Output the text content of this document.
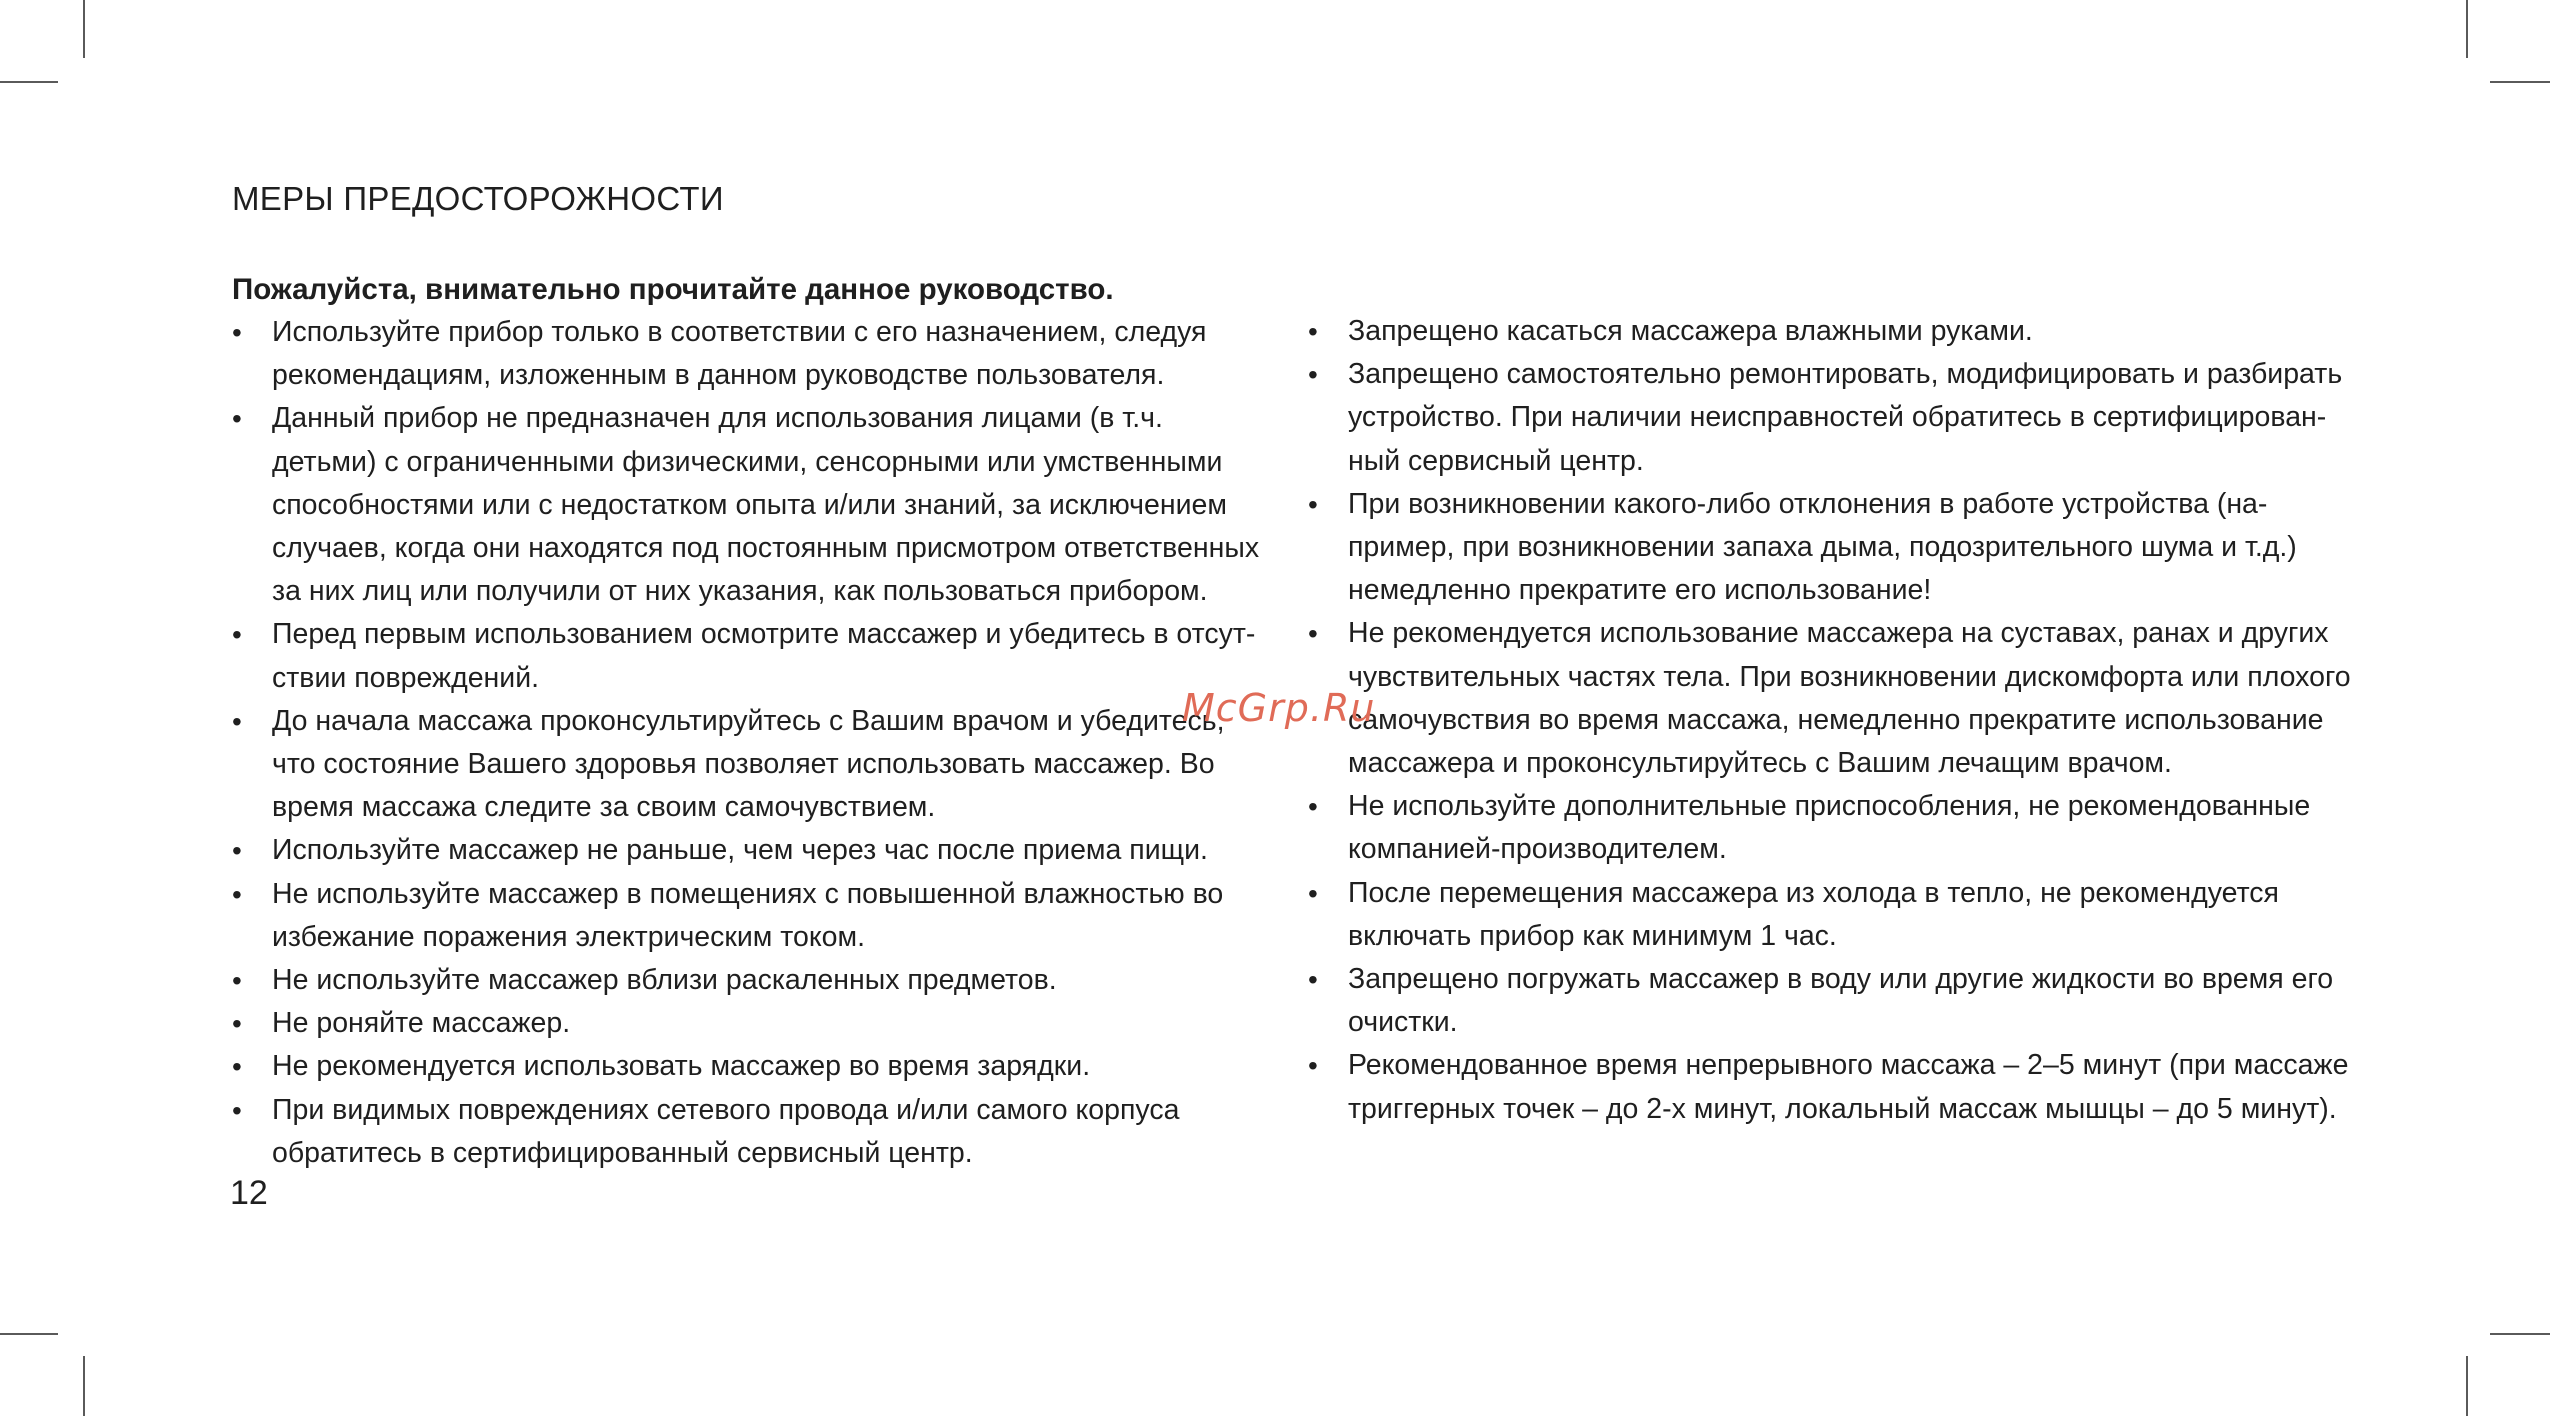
МЕРЫ ПРЕДОСТОРОЖНОСТИ
Пожалуйста, внимательно прочитайте данное руководство.
• Используйте прибор только в соответствии с его назначением, следуя
рекомендациям, изложенным в данном руководстве пользователя.
• Данный прибор не предназначен для использования лицами (в т.ч.
детьми) с ограниченными физическими, сенсорными или умственными
способностями или с недостатком опыта и/или знаний, за исключением
случаев, когда они находятся под постоянным присмотром ответственных
за них лиц или получили от них указания, как пользоваться прибором.
• Перед первым использованием осмотрите массажер и убедитесь в отсут-
ствии повреждений.
• До начала массажа проконсультируйтесь с Вашим врачом и убедитесь,
что состояние Вашего здоровья позволяет использовать массажер. Во
время массажа следите за своим самочувствием.
• Используйте массажер не раньше, чем через час после приема пищи.
• Не используйте массажер в помещениях с повышенной влажностью во
избежание поражения электрическим током.
• Не используйте массажер вблизи раскаленных предметов.
• Не роняйте массажер.
• Не рекомендуется использовать массажер во время зарядки.
• При видимых повреждениях сетевого провода и/или самого корпуса
обратитесь в сертифицированный сервисный центр.
• Запрещено касаться массажера влажными руками.
• Запрещено самостоятельно ремонтировать, модифицировать и разбирать
устройство. При наличии неисправностей обратитесь в сертифицирован-
ный сервисный центр.
• При возникновении какого-либо отклонения в работе устройства (на-
пример, при возникновении запаха дыма, подозрительного шума и т.д.)
немедленно прекратите его использование!
• Не рекомендуется использование массажера на суставах, ранах и других
чувствительных частях тела. При возникновении дискомфорта или плохого
самочувствия во время массажа, немедленно прекратите использование
массажера и проконсультируйтесь с Вашим лечащим врачом.
• Не используйте дополнительные приспособления, не рекомендованные
компанией-производителем.
• После перемещения массажера из холода в тепло, не рекомендуется
включать прибор как минимум 1 час.
• Запрещено погружать массажер в воду или другие жидкости во время его
очистки.
• Рекомендованное время непрерывного массажа – 2–5 минут (при массаже
триггерных точек – до 2-х минут, локальный массаж мышцы – до 5 минут).
McGrp.Ru
12
